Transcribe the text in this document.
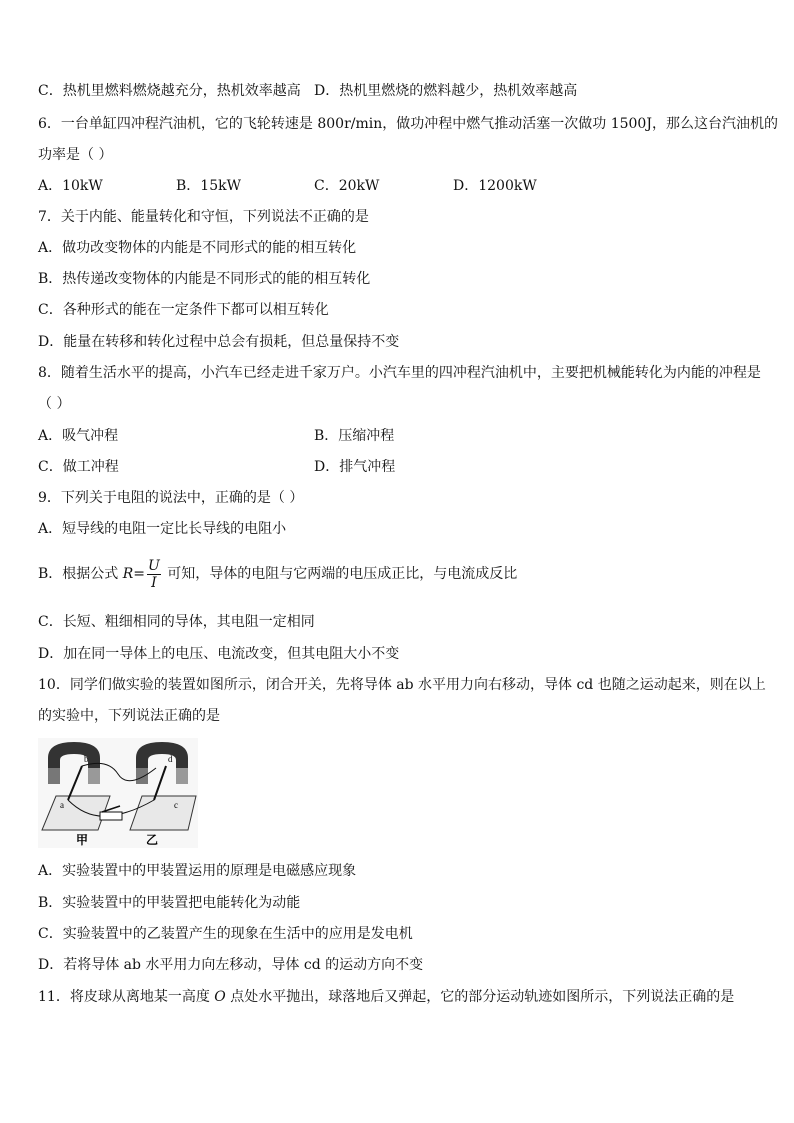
C．热机里燃料燃烧越充分，热机效率越高 D．热机里燃烧的燃料越少，热机效率越高
6．一台单缸四冲程汽油机，它的飞轮转速是 800r/min，做功冲程中燃气推动活塞一次做功 1500J，那么这台汽油机的
功率是（ ）
A．10kW	B．15kW	C．20kW	D．1200kW
7．关于内能、能量转化和守恒，下列说法不正确的是
A．做功改变物体的内能是不同形式的能的相互转化
B．热传递改变物体的内能是不同形式的能的相互转化
C．各种形式的能在一定条件下都可以相互转化
D．能量在转移和转化过程中总会有损耗，但总量保持不变
8．随着生活水平的提高，小汽车已经走进千家万户。小汽车里的四冲程汽油机中，主要把机械能转化为内能的冲程是
（ ）
A．吸气冲程	B．压缩冲程
C．做工冲程	D．排气冲程
9．下列关于电阻的说法中，正确的是（ ）
A．短导线的电阻一定比长导线的电阻小
B．根据公式 $R= \frac{U}{I}$ 可知，导体的电阻与它两端的电压成正比，与电流成反比
C．长短、粗细相同的导体，其电阻一定相同
D．加在同一导体上的电压、电流改变，但其电阻大小不变
10．同学们做实验的装置如图所示，闭合开关，先将导体 ab 水平用力向右移动，导体 cd 也随之运动起来，则在以上
的实验中，下列说法正确的是
b	d
a	c
甲	乙
A．实验装置中的甲装置运用的原理是电磁感应现象
B．实验装置中的甲装置把电能转化为动能
C．实验装置中的乙装置产生的现象在生活中的应用是发电机
D．若将导体 ab 水平用力向左移动，导体 cd 的运动方向不变
11．将皮球从离地某一高度 O 点处水平抛出，球落地后又弹起，它的部分运动轨迹如图所示，下列说法正确的是
